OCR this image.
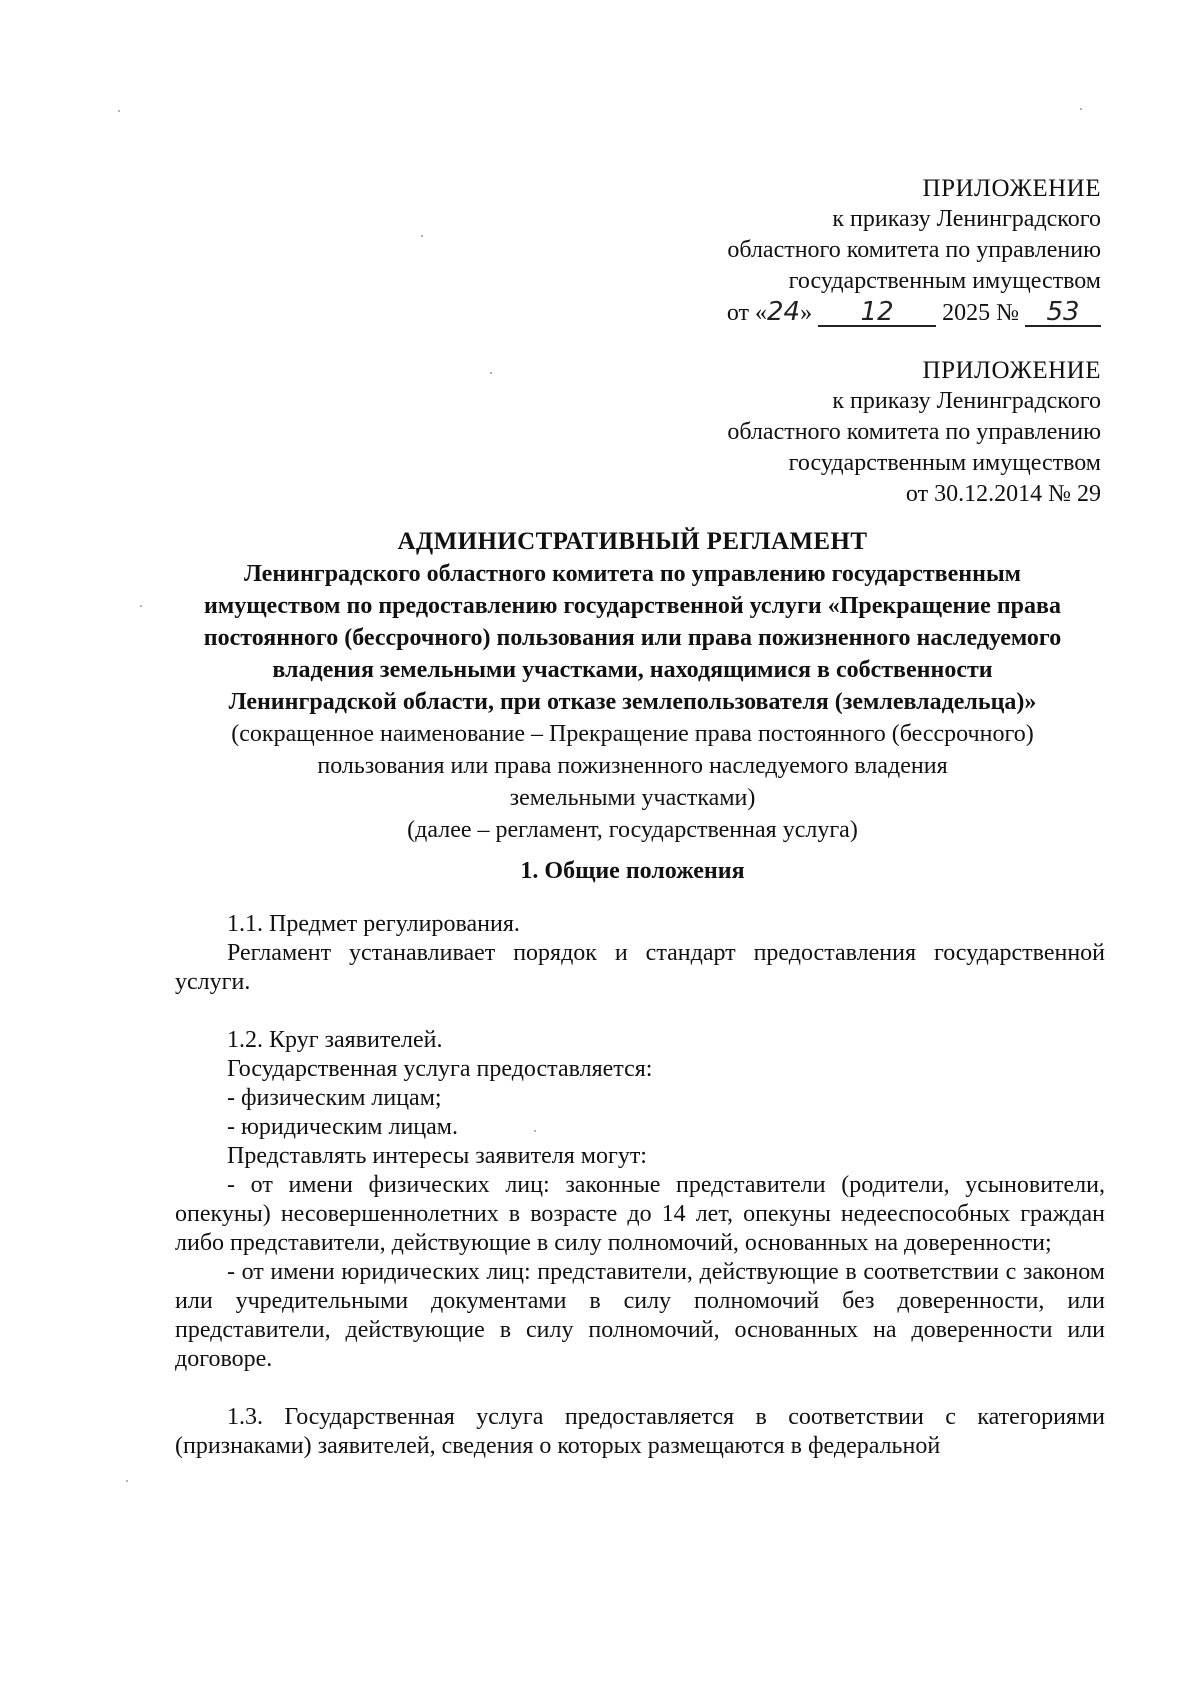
ПРИЛОЖЕНИЕ
к приказу Ленинградского
областного комитета по управлению
государственным имуществом
от «24» 12 2025 № 53
ПРИЛОЖЕНИЕ
к приказу Ленинградского
областного комитета по управлению
государственным имуществом
от 30.12.2014 № 29
АДМИНИСТРАТИВНЫЙ РЕГЛАМЕНТ
Ленинградского областного комитета по управлению государственным
имуществом по предоставлению государственной услуги «Прекращение права
постоянного (бессрочного) пользования или права пожизненного наследуемого
владения земельными участками, находящимися в собственности
Ленинградской области, при отказе землепользователя (землевладельца)»
(сокращенное наименование – Прекращение права постоянного (бессрочного)
пользования или права пожизненного наследуемого владения
земельными участками)
(далее – регламент, государственная услуга)
1. Общие положения

1.1. Предмет регулирования.

Регламент устанавливает порядок и стандарт предоставления государственной услуги.

1.2. Круг заявителей.

Государственная услуга предоставляется:

- физическим лицам;

- юридическим лицам.

Представлять интересы заявителя могут:

- от имени физических лиц: законные представители (родители, усыновители, опекуны) несовершеннолетних в возрасте до 14 лет, опекуны недееспособных граждан либо представители, действующие в силу полномочий, основанных на доверенности;

- от имени юридических лиц: представители, действующие в соответствии с законом или учредительными документами в силу полномочий без доверенности, или представители, действующие в силу полномочий, основанных на доверенности или договоре.

1.3. Государственная услуга предоставляется в соответствии с категориями (признаками) заявителей, сведения о которых размещаются в федеральной
